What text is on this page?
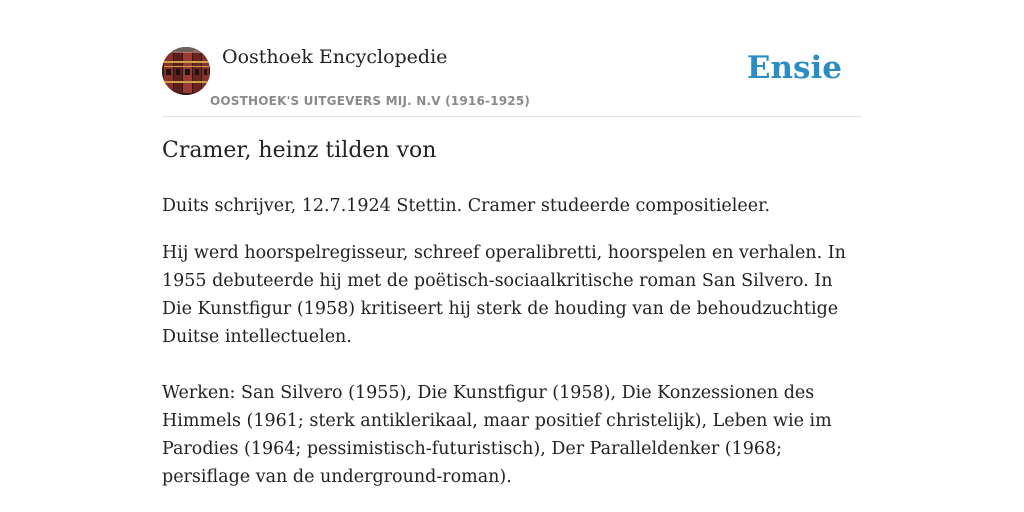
Oosthoek Encyclopedie
OOSTHOEK'S UITGEVERS MIJ. N.V (1916-1925)
Ensie
Cramer, heinz tilden von

Duits schrijver, 12.7.1924 Stettin. Cramer studeerde compositieleer.

Hij werd hoorspelregisseur, schreef operalibretti, hoorspelen en verhalen. In 1955 debuteerde hij met de poëtisch-sociaalkritische roman San Silvero. In Die Kunstfigur (1958) kritiseert hij sterk de houding van de behoudzuchtige Duitse intellectuelen.

Werken: San Silvero (1955), Die Kunstfigur (1958), Die Konzessionen des Himmels (1961; sterk antiklerikaal, maar positief christelijk), Leben wie im Parodies (1964; pessimistisch-futuristisch), Der Paralleldenker (1968; persiflage van de underground-roman).
